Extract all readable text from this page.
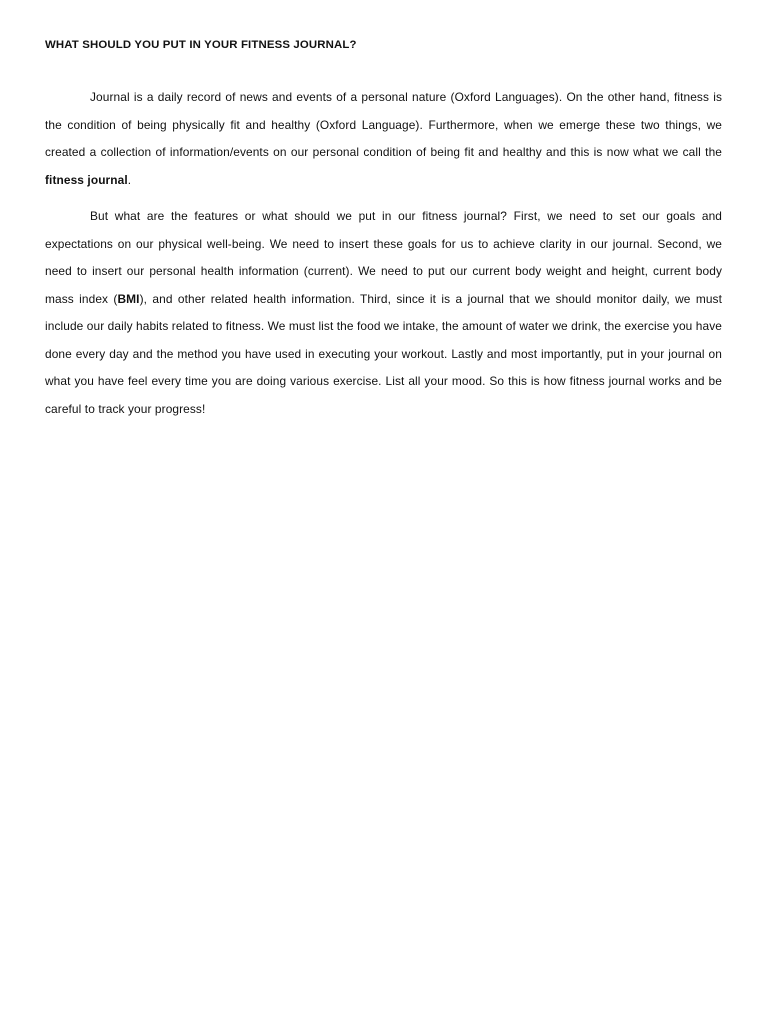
WHAT SHOULD YOU PUT IN YOUR FITNESS JOURNAL?

Journal is a daily record of news and events of a personal nature (Oxford Languages). On the other hand, fitness is the condition of being physically fit and healthy (Oxford Language). Furthermore, when we emerge these two things, we created a collection of information/events on our personal condition of being fit and healthy and this is now what we call the fitness journal.

But what are the features or what should we put in our fitness journal? First, we need to set our goals and expectations on our physical well-being. We need to insert these goals for us to achieve clarity in our journal. Second, we need to insert our personal health information (current). We need to put our current body weight and height, current body mass index (BMI), and other related health information. Third, since it is a journal that we should monitor daily, we must include our daily habits related to fitness. We must list the food we intake, the amount of water we drink, the exercise you have done every day and the method you have used in executing your workout. Lastly and most importantly, put in your journal on what you have feel every time you are doing various exercise. List all your mood. So this is how fitness journal works and be careful to track your progress!
